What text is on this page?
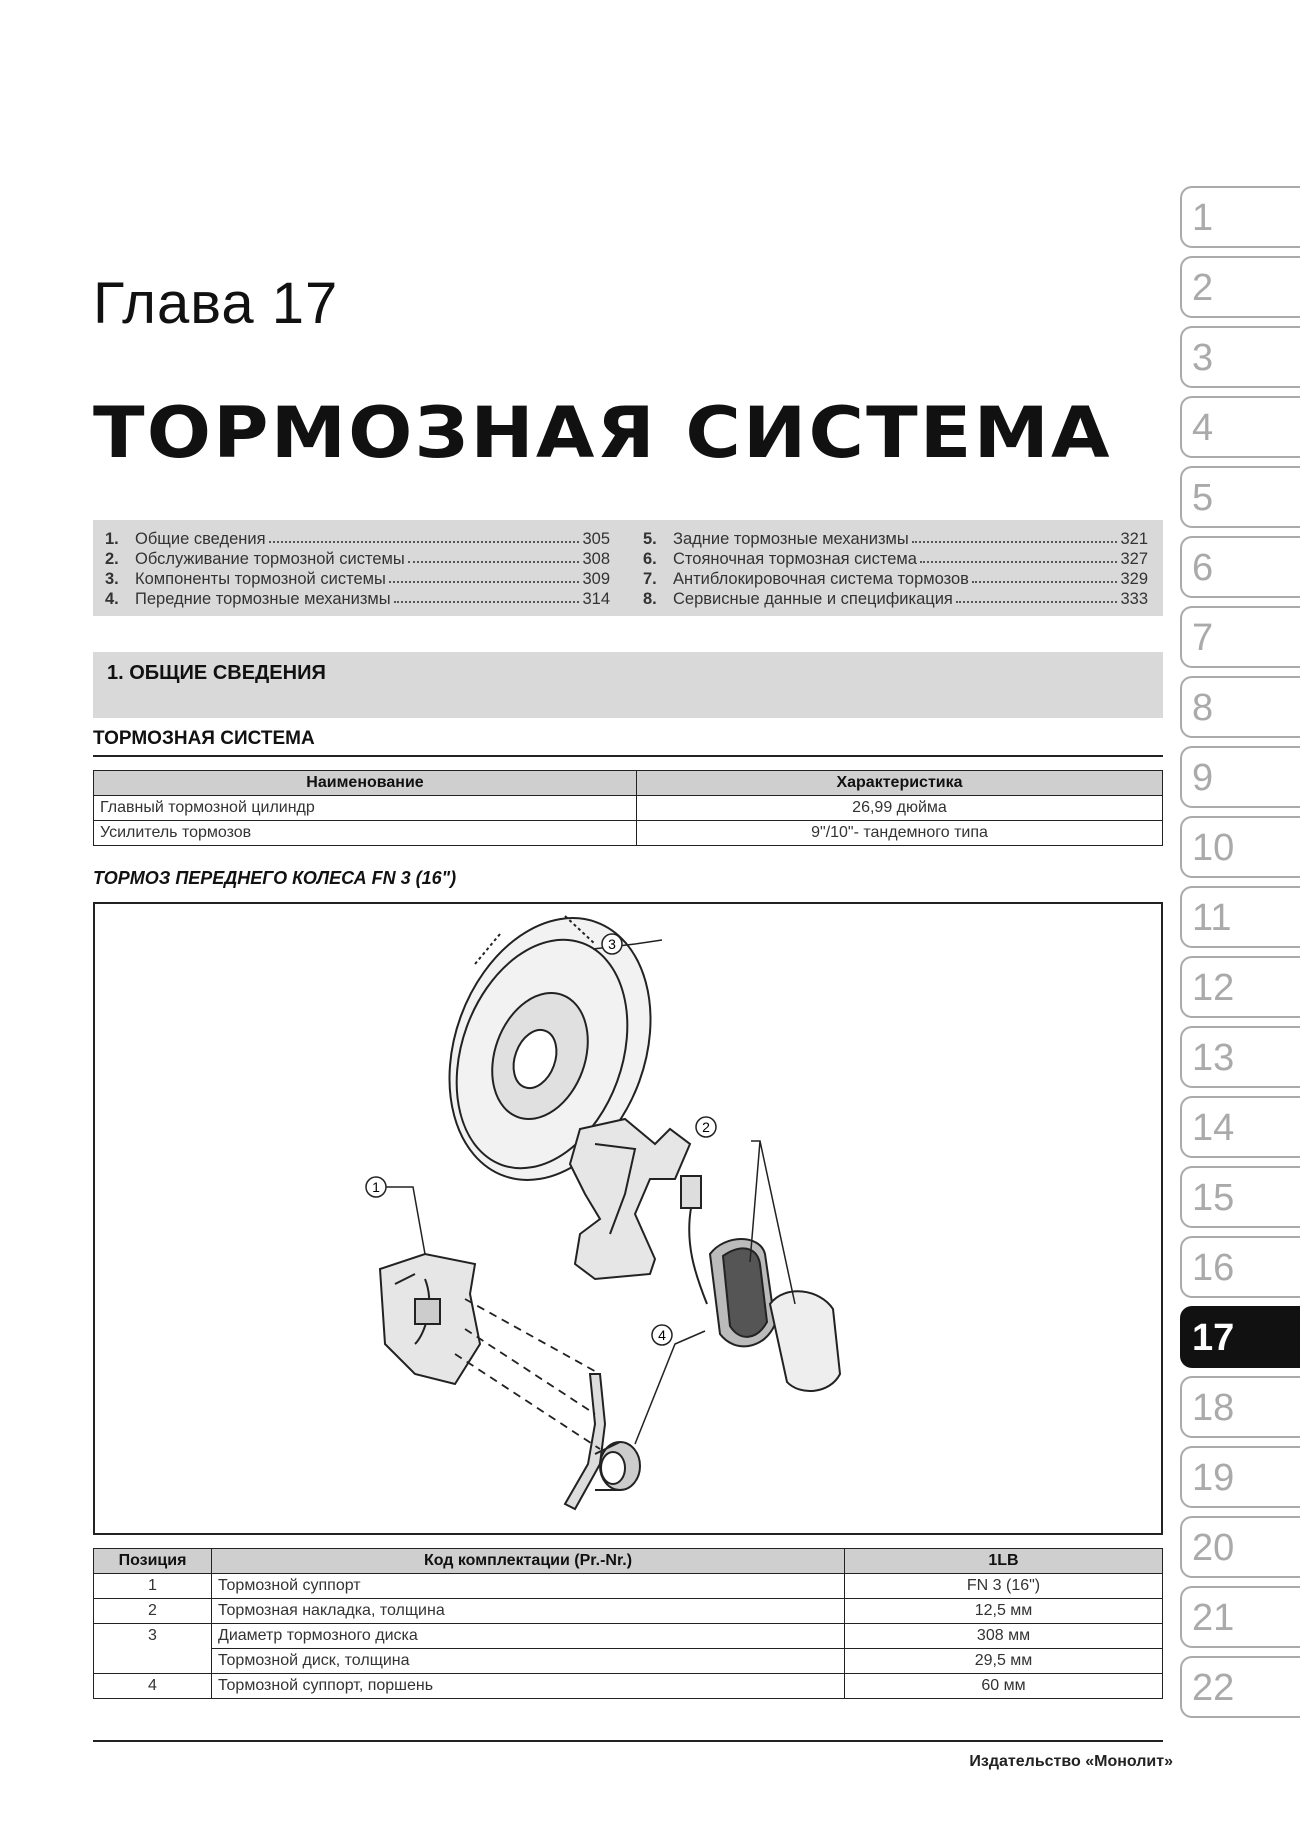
Глава 17
ТОРМОЗНАЯ СИСТЕМА
1. Общие сведения	305
2. Обслуживание тормозной системы	308
3. Компоненты тормозной системы	309
4. Передние тормозные механизмы	314
5. Задние тормозные механизмы	321
6. Стояночная тормозная система	327
7. Антиблокировочная система тормозов	329
8. Сервисные данные и спецификация	333
1. ОБЩИЕ СВЕДЕНИЯ
ТОРМОЗНАЯ СИСТЕМА
Наименование	Характеристика
Главный тормозной цилиндр	26,99 дюйма
Усилитель тормозов	9"/10"- тандемного типа
ТОРМОЗ ПЕРЕДНЕГО КОЛЕСА FN 3 (16")
1
2
3
4
Позиция	Код комплектации (Pr.-Nr.)	1LB
1	Тормозной суппорт	FN 3 (16")
2	Тормозная накладка, толщина	12,5 мм
3	Диаметр тормозного диска	308 мм
	Тормозной диск, толщина	29,5 мм
4	Тормозной суппорт, поршень	60 мм
1
2
3
4
5
6
7
8
9
10
11
12
13
14
15
16
17
18
19
20
21
22
Издательство «Монолит»
